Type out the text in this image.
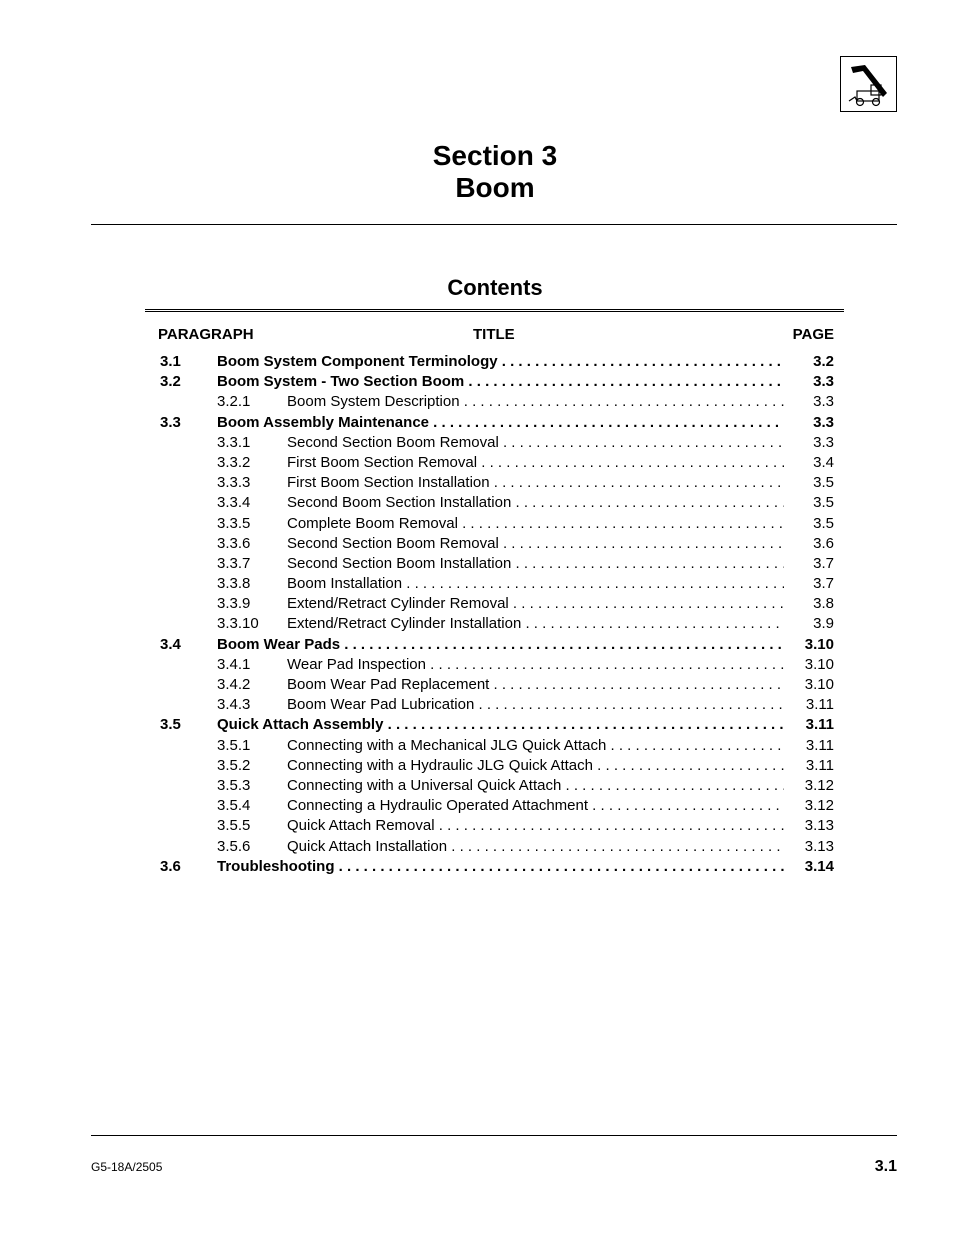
Section 3
Boom
Contents
PARAGRAPH	TITLE	PAGE
3.1 Boom System Component Terminology . . .	3.2
3.2 Boom System - Two Section Boom . . .	3.3
3.2.1 Boom System Description . . .	3.3
3.3 Boom Assembly Maintenance . . .	3.3
3.3.1 Second Section Boom Removal . . .	3.3
3.3.2 First Boom Section Removal . . .	3.4
3.3.3 First Boom Section Installation . . .	3.5
3.3.4 Second Boom Section Installation . . .	3.5
3.3.5 Complete Boom Removal . . .	3.5
3.3.6 Second Section Boom Removal . . .	3.6
3.3.7 Second Section Boom Installation . . .	3.7
3.3.8 Boom Installation . . .	3.7
3.3.9 Extend/Retract Cylinder Removal . . .	3.8
3.3.10 Extend/Retract Cylinder Installation . . .	3.9
3.4 Boom Wear Pads . . .	3.10
3.4.1 Wear Pad Inspection . . .	3.10
3.4.2 Boom Wear Pad Replacement . . .	3.10
3.4.3 Boom Wear Pad Lubrication . . .	3.11
3.5 Quick Attach Assembly . . .	3.11
3.5.1 Connecting with a Mechanical JLG Quick Attach . . .	3.11
3.5.2 Connecting with a Hydraulic JLG Quick Attach . . .	3.11
3.5.3 Connecting with a Universal Quick Attach . . .	3.12
3.5.4 Connecting a Hydraulic Operated Attachment . . .	3.12
3.5.5 Quick Attach Removal . . .	3.13
3.5.6 Quick Attach Installation . . .	3.13
3.6 Troubleshooting . . .	3.14
G5-18A/2505	3.1
